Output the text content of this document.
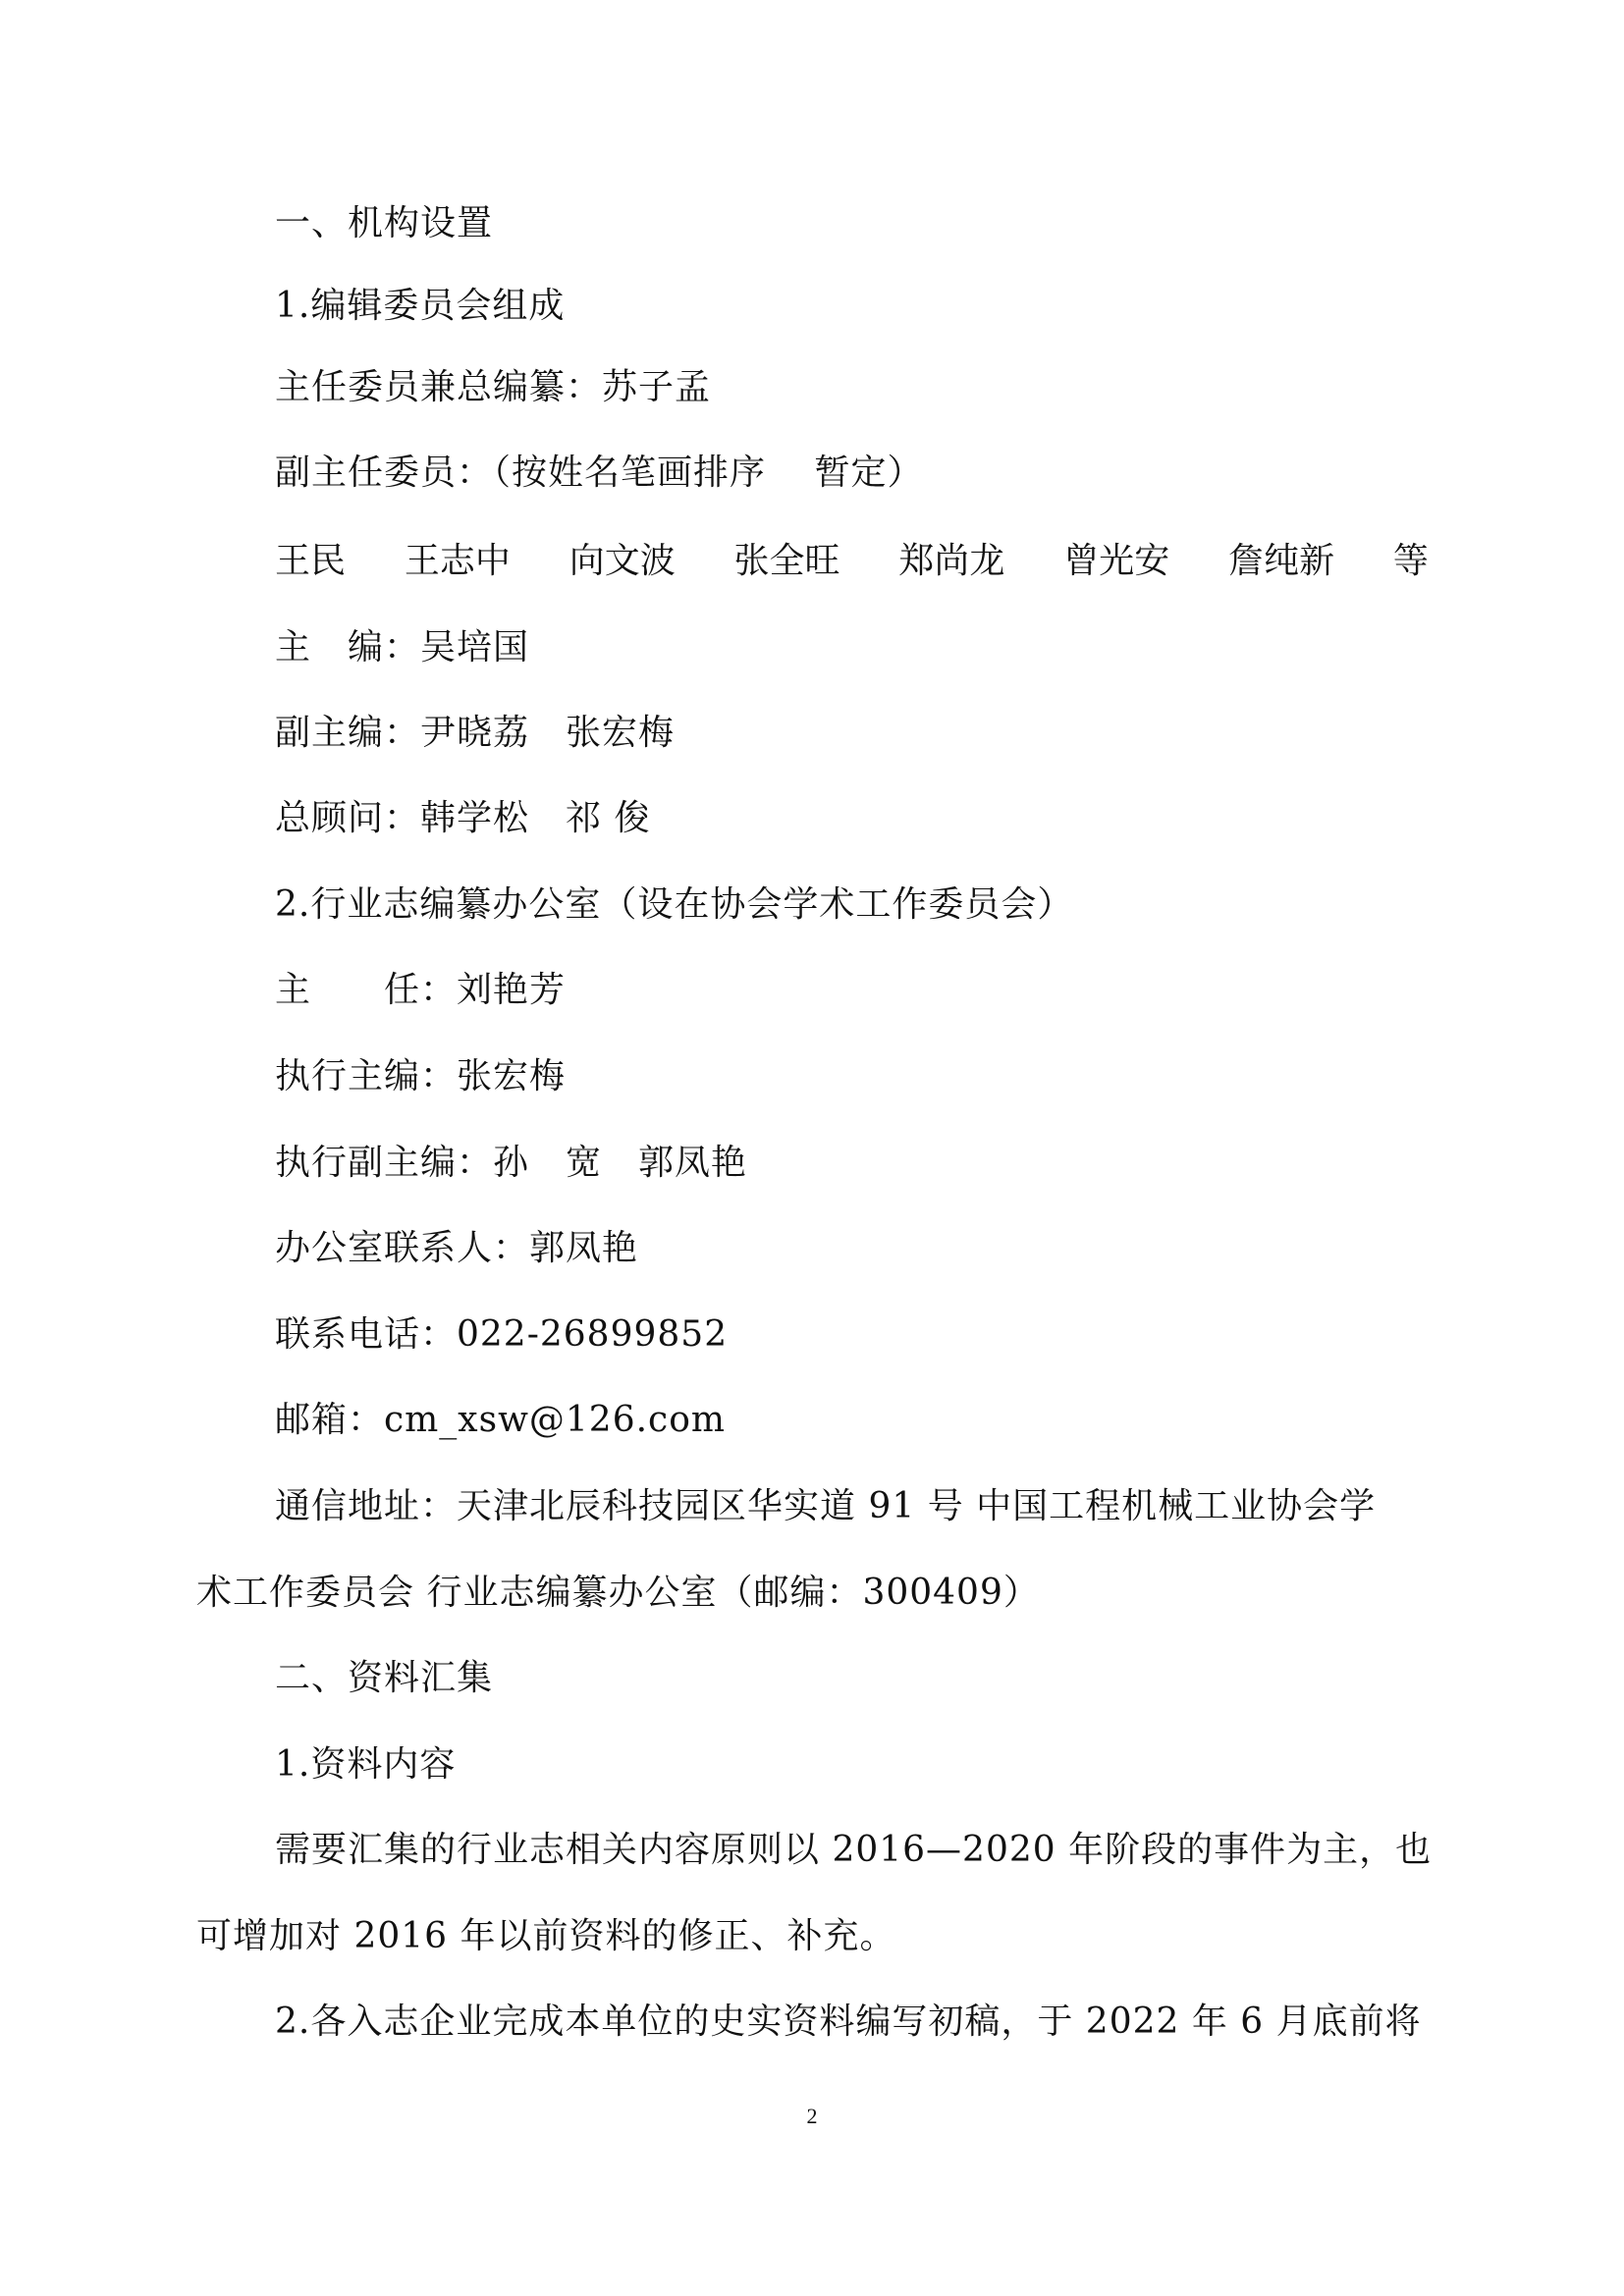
一、机构设置
1.编辑委员会组成
主任委员兼总编纂：苏子孟
副主任委员：（按姓名笔画排序　 暂定）
王民 王志中 向文波 张全旺 郑尚龙 曾光安 詹纯新 等
主　编：吴培国
副主编：尹晓荔　张宏梅
总顾问：韩学松　祁 俊
2.行业志编纂办公室（设在协会学术工作委员会）
主　　任：刘艳芳
执行主编：张宏梅
执行副主编：孙　宽　郭凤艳
办公室联系人：郭凤艳
联系电话：022-26899852
邮箱：cm_xsw@126.com
通信地址：天津北辰科技园区华实道 91 号 中国工程机械工业协会学
术工作委员会 行业志编纂办公室（邮编：300409）
二、资料汇集
1.资料内容
需要汇集的行业志相关内容原则以 2016—2020 年阶段的事件为主，也
可增加对 2016 年以前资料的修正、补充。
2.各入志企业完成本单位的史实资料编写初稿，于 2022 年 6 月底前将
2
